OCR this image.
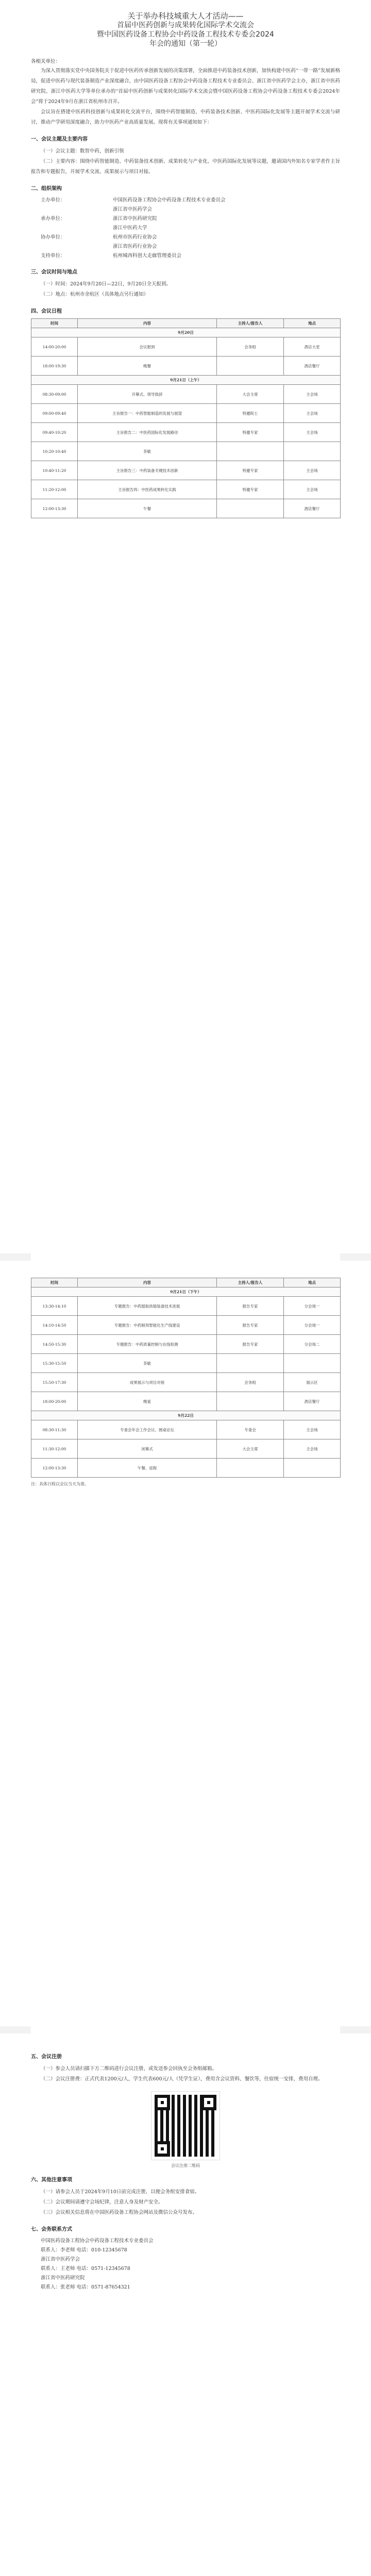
关于举办科技城重大人才活动——
首届中医药创新与成果转化国际学术交流会
暨中国医药设备工程协会中药设备工程技术专委会2024
年会的通知（第一轮）
各相关单位：

为深入贯彻落实党中央国务院关于促进中医药传承创新发展的决策部署，全面推进中药装备技术创新，加快构建中医药“一带一路”发展新格局，促进中医药与现代装备制造产业深度融合，由中国医药设备工程协会中药设备工程技术专业委员会、浙江省中医药学会主办，浙江省中医药研究院、浙江中医药大学等单位承办的“首届中医药创新与成果转化国际学术交流会暨中国医药设备工程协会中药设备工程技术专委会2024年会”将于2024年9月在浙江省杭州市召开。

会议旨在搭建中医药科技创新与成果转化交流平台，围绕中药智能制造、中药装备技术创新、中医药国际化发展等主题开展学术交流与研讨，推动产学研用深度融合，助力中医药产业高质量发展。现将有关事项通知如下：

一、会议主题及主要内容
（一）会议主题：数智中药，创新引领
（二）主要内容：围绕中药智能制造、中药装备技术创新、成果转化与产业化、中医药国际化发展等议题，邀请国内外知名专家学者作主旨报告和专题报告，开展学术交流、成果展示与项目对接。
二、组织架构
主办单位：	中国医药设备工程协会中药设备工程技术专业委员会
浙江省中医药学会
承办单位：	浙江省中医药研究院
浙江中医药大学
协办单位：	杭州市医药行业协会
浙江省医药行业协会
支持单位：	杭州城西科创大走廊管理委员会
三、会议时间与地点
（一）时间：2024年9月20日—22日，9月20日全天报到。
（二）地点：杭州市余杭区（具体地点另行通知）
四、会议日程
时间	内容	主持人/报告人	地点
9月20日			
14:00-20:00	会议报到	会务组	酒店大堂
18:00-19:30	晚餐		酒店餐厅
9月21日（上午）			
08:30-09:00	开幕式、领导致辞	大会主席	主会场
09:00-09:40	主旨报告一：中药智能制造的发展与展望	特邀院士	主会场
09:40-10:20	主旨报告二：中医药国际化发展路径	特邀专家	主会场
10:20-10:40	茶歇		
10:40-11:20	主旨报告三：中药装备关键技术创新	特邀专家	主会场
11:20-12:00	主旨报告四：中医药成果转化实践	特邀专家	主会场
12:00-13:30	午餐		酒店餐厅
时间	内容	主持人/报告人	地点
9月21日（下午）			
13:30-14:10	专题报告：中药提取浓缩装备技术进展	报告专家	分会场一
14:10-14:50	专题报告：中药制剂智能化生产线建设	报告专家	分会场一
14:50-15:30	专题报告：中药质量控制与在线检测	报告专家	分会场二
15:30-15:50	茶歇		
15:50-17:30	成果展示与项目对接	会务组	展示区
18:00-20:00	晚宴		酒店餐厅
9月22日			
08:30-11:30	专委会年会工作会议、圆桌论坛	专委会	主会场
11:30-12:00	闭幕式	大会主席	主会场
12:00-13:30	午餐、返程		
注：具体日程以会议当天为准。
五、会议注册
（一）参会人员请扫描下方二维码进行会议注册，或发送参会回执至会务组邮箱。
（二）会议注册费：正式代表1200元/人，学生代表600元/人（凭学生证），费用含会议资料、餐饮等，住宿统一安排，费用自理。
会议注册二维码
六、其他注意事项
（一）请参会人员于2024年9月10日前完成注册，以便会务组安排食宿。
（二）会议期间请遵守会场纪律，注意人身及财产安全。
（三）会议相关信息将在中国医药设备工程协会网站及微信公众号发布。
七、会务联系方式
中国医药设备工程协会中药设备工程技术专业委员会
联系人：李老师 电话：010-12345678
浙江省中医药学会
联系人：王老师 电话：0571-12345678
浙江省中医药研究院
联系人：张老师 电话：0571-87654321
